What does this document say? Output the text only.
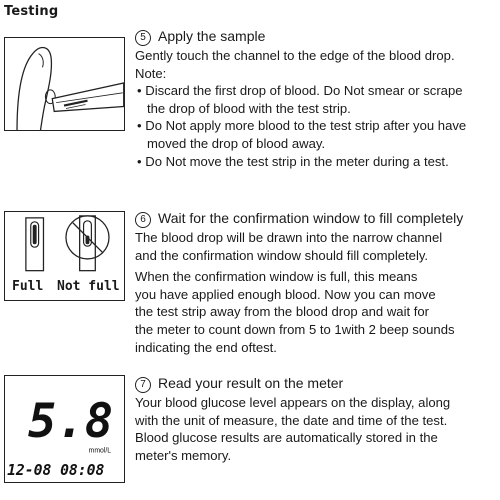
Testing
Full Not full
5.8
mmol/L
12-08 08:08

5 Apply the sample

Gently touch the channel to the edge of the blood drop.

Note:

• Discard the first drop of blood. Do Not smear or scrape

the drop of blood with the test strip.

• Do Not apply more blood to the test strip after you have

moved the drop of blood away.

• Do Not move the test strip in the meter during a test.

6 Wait for the confirmation window to fill completely

The blood drop will be drawn into the narrow channel

and the confirmation window should fill completely.

When the confirmation window is full, this means

you have applied enough blood. Now you can move

the test strip away from the blood drop and wait for

the meter to count down from 5 to 1with 2 beep sounds

indicating the end oftest.

7 Read your result on the meter

Your blood glucose level appears on the display, along

with the unit of measure, the date and time of the test.

Blood glucose results are automatically stored in the

meter's memory.
